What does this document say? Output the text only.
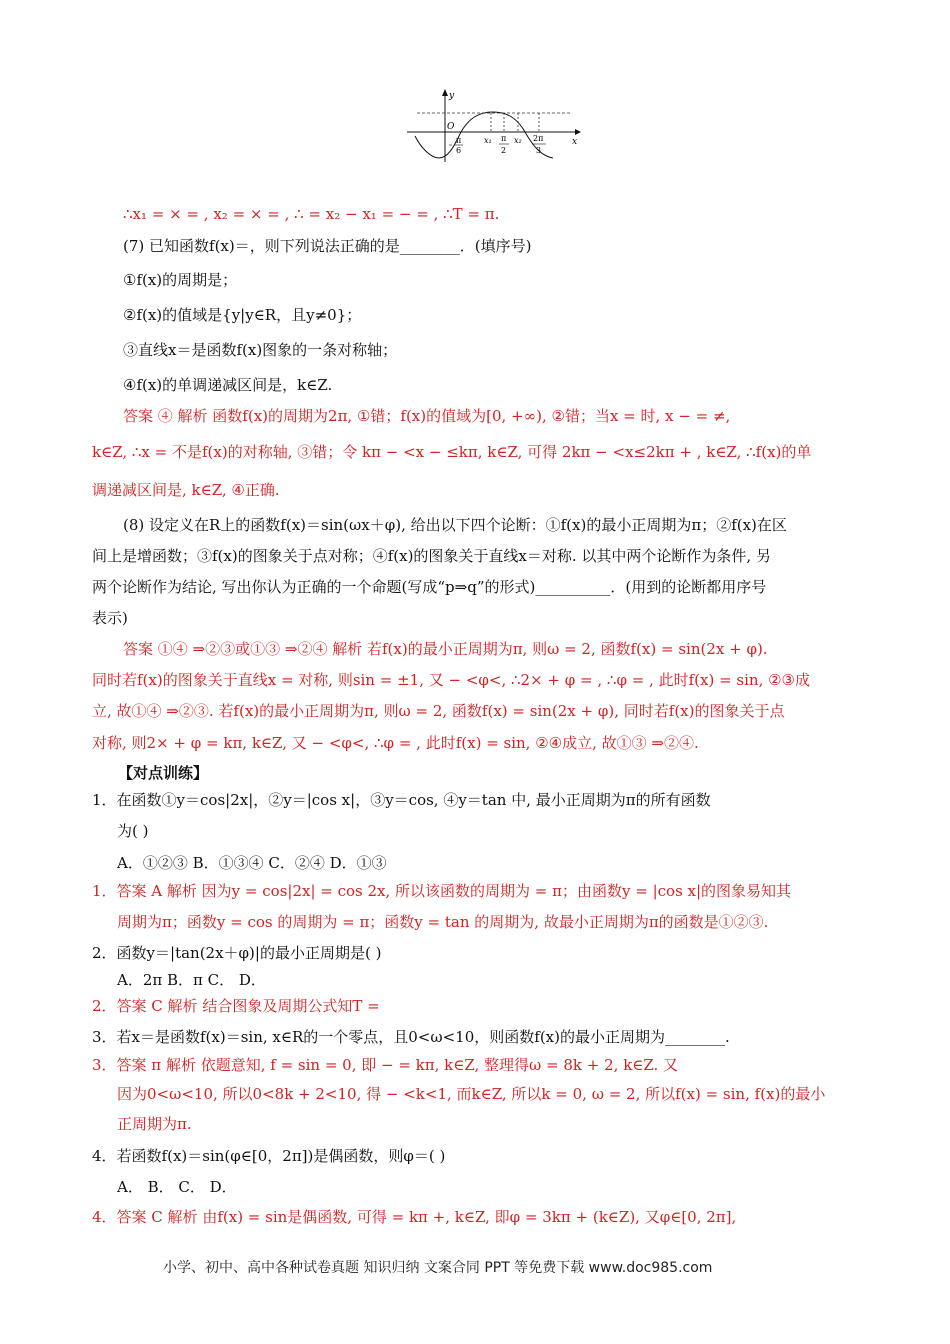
y
O
x
π
6
x₁ π
2
x₂ 2π
3
∴x₁ = × = , x₂ = × = , ∴ = x₂ − x₁ = − = , ∴T = π.
(7) 已知函数f(x)＝，则下列说法正确的是________．(填序号)
①f(x)的周期是；
②f(x)的值域是{y|y∈R，且y≠0}；
③直线x＝是函数f(x)图象的一条对称轴；
④f(x)的单调递减区间是，k∈Z.
答案 ④ 解析 函数f(x)的周期为2π, ①错；f(x)的值域为[0, +∞), ②错；当x = 时, x − = ≠,
k∈Z, ∴x = 不是f(x)的对称轴, ③错；令 kπ − <x − ≤kπ, k∈Z, 可得 2kπ − <x≤2kπ + , k∈Z, ∴f(x)的单
调递减区间是, k∈Z, ④正确.
(8) 设定义在R上的函数f(x)＝sin(ωx＋φ), 给出以下四个论断：①f(x)的最小正周期为π；②f(x)在区
间上是增函数；③f(x)的图象关于点对称；④f(x)的图象关于直线x＝对称. 以其中两个论断作为条件, 另
两个论断作为结论, 写出你认为正确的一个命题(写成“p⇒q”的形式)__________．(用到的论断都用序号
表示)
答案 ①④ ⇒②③或①③ ⇒②④ 解析 若f(x)的最小正周期为π, 则ω = 2, 函数f(x) = sin(2x + φ).
同时若f(x)的图象关于直线x = 对称, 则sin = ±1, 又 − <φ<, ∴2× + φ = , ∴φ = , 此时f(x) = sin, ②③成
立, 故①④ ⇒②③. 若f(x)的最小正周期为π, 则ω = 2, 函数f(x) = sin(2x + φ), 同时若f(x)的图象关于点
对称, 则2× + φ = kπ, k∈Z, 又 − <φ<, ∴φ = , 此时f(x) = sin, ②④成立, 故①③ ⇒②④.
【对点训练】
1．在函数①y＝cos|2x|，②y＝|cos x|，③y＝cos, ④y＝tan 中, 最小正周期为π的所有函数
为( )
A．①②③ B．①③④ C．②④ D．①③
1．答案 A 解析 因为y = cos|2x| = cos 2x, 所以该函数的周期为 = π；由函数y = |cos x|的图象易知其
周期为π；函数y = cos 的周期为 = π；函数y = tan 的周期为, 故最小正周期为π的函数是①②③.
2．函数y＝|tan(2x＋φ)|的最小正周期是( )
A．2π B．π C． D．
2．答案 C 解析 结合图象及周期公式知T =
3．若x＝是函数f(x)＝sin, x∈R的一个零点，且0<ω<10，则函数f(x)的最小正周期为________.
3．答案 π 解析 依题意知, f = sin = 0, 即 − = kπ, k∈Z, 整理得ω = 8k + 2, k∈Z. 又
因为0<ω<10, 所以0<8k + 2<10, 得 − <k<1, 而k∈Z, 所以k = 0, ω = 2, 所以f(x) = sin, f(x)的最小
正周期为π.
4．若函数f(x)＝sin(φ∈[0，2π])是偶函数，则φ＝( )
A． B． C． D．
4．答案 C 解析 由f(x) = sin是偶函数, 可得 = kπ +, k∈Z, 即φ = 3kπ + (k∈Z), 又φ∈[0, 2π],
小学、初中、高中各种试卷真题 知识归纳 文案合同 PPT 等免费下载 www.doc985.com
